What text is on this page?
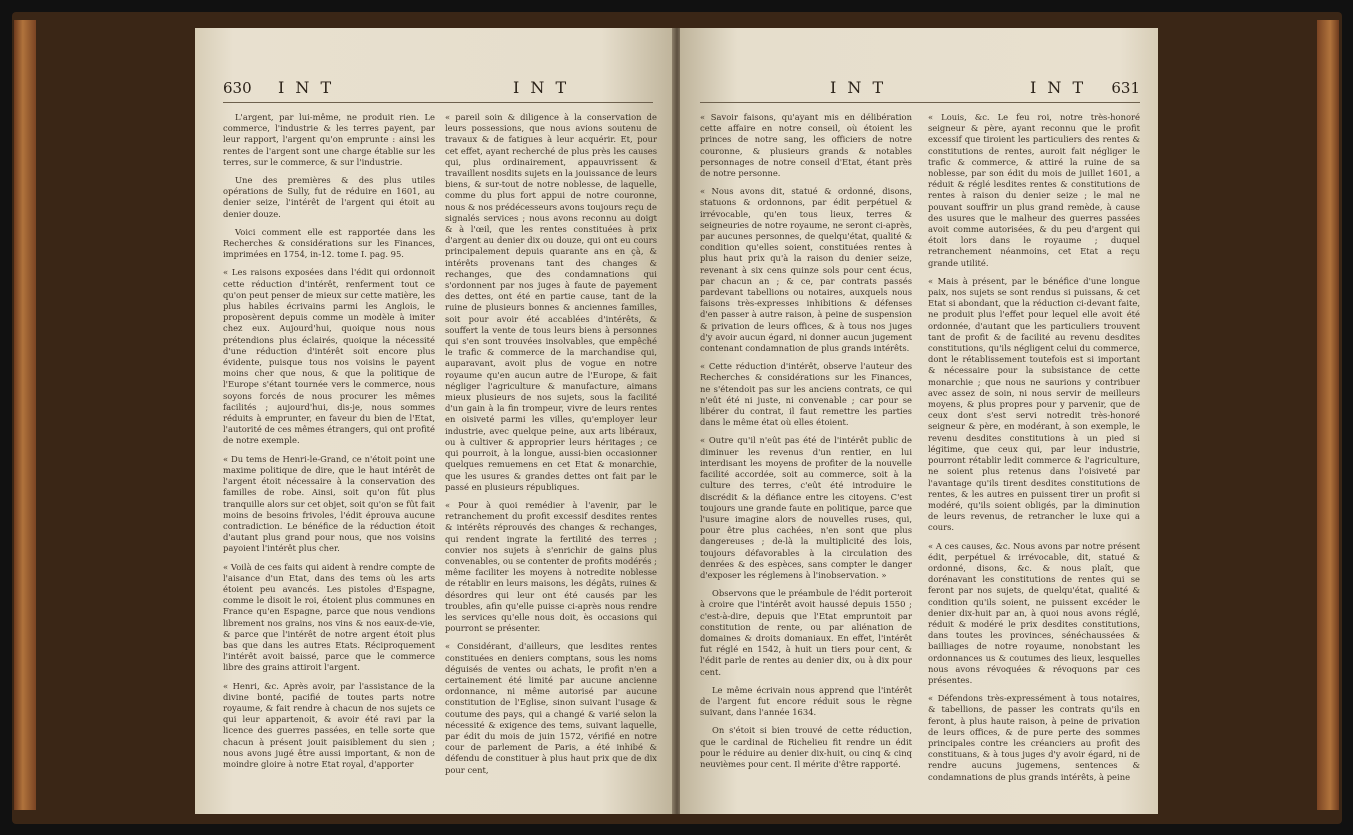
630 I N T	I N T

L'argent, par lui-même, ne produit rien. Le commerce, l'industrie & les terres payent, par leur rapport, l'argent qu'on emprunte : ainsi les rentes de l'argent sont une charge établie sur les terres, sur le commerce, & sur l'industrie.

Une des premières & des plus utiles opérations de Sully, fut de réduire en 1601, au denier seize, l'intérêt de l'argent qui étoit au denier douze.

Voici comment elle est rapportée dans les Recherches & considérations sur les Finances, imprimées en 1754, in-12. tome I. pag. 95.

« Les raisons exposées dans l'édit qui ordonnoit cette réduction d'intérêt, renferment tout ce qu'on peut penser de mieux sur cette matière, les plus habiles écrivains parmi les Anglois, le proposèrent depuis comme un modèle à imiter chez eux. Aujourd'hui, quoique nous nous prétendions plus éclairés, quoique la nécessité d'une réduction d'intérêt soit encore plus évidente, puisque tous nos voisins le payent moins cher que nous, & que la politique de l'Europe s'étant tournée vers le commerce, nous soyons forcés de nous procurer les mêmes facilités ; aujourd'hui, dis-je, nous sommes réduits à emprunter, en faveur du bien de l'Etat, l'autorité de ces mêmes étrangers, qui ont profité de notre exemple.

« Du tems de Henri-le-Grand, ce n'étoit point une maxime politique de dire, que le haut intérêt de l'argent étoit nécessaire à la conservation des familles de robe. Ainsi, soit qu'on fût plus tranquille alors sur cet objet, soit qu'on se fût fait moins de besoins frivoles, l'édit éprouva aucune contradiction. Le bénéfice de la réduction étoit d'autant plus grand pour nous, que nos voisins payoient l'intérêt plus cher.

« Voilà de ces faits qui aident à rendre compte de l'aisance d'un Etat, dans des tems où les arts étoient peu avancés. Les pistoles d'Espagne, comme le disoit le roi, étoient plus communes en France qu'en Espagne, parce que nous vendions librement nos grains, nos vins & nos eaux-de-vie, & parce que l'intérêt de notre argent étoit plus bas que dans les autres Etats. Réciproquement l'intérêt avoit baissé, parce que le commerce libre des grains attiroit l'argent.

« Henri, &c. Après avoir, par l'assistance de la divine bonté, pacifié de toutes parts notre royaume, & fait rendre à chacun de nos sujets ce qui leur appartenoit, & avoir été ravi par la licence des guerres passées, en telle sorte que chacun à présent jouit paisiblement du sien ; nous avons jugé être aussi important, & non de moindre gloire à notre Etat royal, d'apporter

« pareil soin & diligence à la conservation de leurs possessions, que nous avions soutenu de travaux & de fatigues à leur acquérir. Et, pour cet effet, ayant recherché de plus près les causes qui, plus ordinairement, appauvrissent & travaillent nosdits sujets en la jouissance de leurs biens, & sur-tout de notre noblesse, de laquelle, comme du plus fort appui de notre couronne, nous & nos prédécesseurs avons toujours reçu de signalés services ; nous avons reconnu au doigt & à l'œil, que les rentes constituées à prix d'argent au denier dix ou douze, qui ont eu cours principalement depuis quarante ans en çà, & intérêts provenans tant des changes & rechanges, que des condamnations qui s'ordonnent par nos juges à faute de payement des dettes, ont été en partie cause, tant de la ruine de plusieurs bonnes & anciennes familles, soit pour avoir été accablées d'intérêts, & souffert la vente de tous leurs biens à personnes qui s'en sont trouvées insolvables, que empêché le trafic & commerce de la marchandise qui, auparavant, avoit plus de vogue en notre royaume qu'en aucun autre de l'Europe, & fait négliger l'agriculture & manufacture, aimans mieux plusieurs de nos sujets, sous la facilité d'un gain à la fin trompeur, vivre de leurs rentes en oisiveté parmi les villes, qu'employer leur industrie, avec quelque peine, aux arts libéraux, ou à cultiver & approprier leurs héritages ; ce qui pourroit, à la longue, aussi-bien occasionner quelques remuemens en cet Etat & monarchie, que les usures & grandes dettes ont fait par le passé en plusieurs républiques.

« Pour à quoi remédier à l'avenir, par le retranchement du profit excessif desdites rentes & intérêts réprouvés des changes & rechanges, qui rendent ingrate la fertilité des terres ; convier nos sujets à s'enrichir de gains plus convenables, ou se contenter de profits modérés ; même faciliter les moyens à notredite noblesse de rétablir en leurs maisons, les dégâts, ruines & désordres qui leur ont été causés par les troubles, afin qu'elle puisse ci-après nous rendre les services qu'elle nous doit, ès occasions qui pourront se présenter.

« Considérant, d'ailleurs, que lesdites rentes constituées en deniers comptans, sous les noms déguisés de ventes ou achats, le profit n'en a certainement été limité par aucune ancienne ordonnance, ni même autorisé par aucune constitution de l'Eglise, sinon suivant l'usage & coutume des pays, qui a changé & varié selon la nécessité & exigence des tems, suivant laquelle, par édit du mois de juin 1572, vérifié en notre cour de parlement de Paris, a été inhibé & défendu de constituer à plus haut prix que de dix pour cent,

I N T	I N T 631

« Savoir faisons, qu'ayant mis en délibération cette affaire en notre conseil, où étoient les princes de notre sang, les officiers de notre couronne, & plusieurs grands & notables personnages de notre conseil d'Etat, étant près de notre personne.

« Nous avons dit, statué & ordonné, disons, statuons & ordonnons, par édit perpétuel & irrévocable, qu'en tous lieux, terres & seigneuries de notre royaume, ne seront ci-après, par aucunes personnes, de quelqu'état, qualité & condition qu'elles soient, constituées rentes à plus haut prix qu'à la raison du denier seize, revenant à six cens quinze sols pour cent écus, par chacun an ; & ce, par contrats passés pardevant tabellions ou notaires, auxquels nous faisons très-expresses inhibitions & défenses d'en passer à autre raison, à peine de suspension & privation de leurs offices, & à tous nos juges d'y avoir aucun égard, ni donner aucun jugement contenant condamnation de plus grands intérêts.

« Cette réduction d'intérêt, observe l'auteur des Recherches & considérations sur les Finances, ne s'étendoit pas sur les anciens contrats, ce qui n'eût été ni juste, ni convenable ; car pour se libérer du contrat, il faut remettre les parties dans le même état où elles étoient.

« Outre qu'il n'eût pas été de l'intérêt public de diminuer les revenus d'un rentier, en lui interdisant les moyens de profiter de la nouvelle facilité accordée, soit au commerce, soit à la culture des terres, c'eût été introduire le discrédit & la défiance entre les citoyens. C'est toujours une grande faute en politique, parce que l'usure imagine alors de nouvelles ruses, qui, pour être plus cachées, n'en sont que plus dangereuses ; de-là la multiplicité des lois, toujours défavorables à la circulation des denrées & des espèces, sans compter le danger d'exposer les réglemens à l'inobservation. »

Observons que le préambule de l'édit porteroit à croire que l'intérêt avoit haussé depuis 1550 ; c'est-à-dire, depuis que l'Etat empruntoit par constitution de rente, ou par aliénation de domaines & droits domaniaux. En effet, l'intérêt fut réglé en 1542, à huit un tiers pour cent, & l'édit parle de rentes au denier dix, ou à dix pour cent.

Le même écrivain nous apprend que l'intérêt de l'argent fut encore réduit sous le règne suivant, dans l'année 1634.

On s'étoit si bien trouvé de cette réduction, que le cardinal de Richelieu fit rendre un édit pour le réduire au denier dix-huit, ou cinq & cinq neuvièmes pour cent. Il mérite d'être rapporté.

« Louis, &c. Le feu roi, notre très-honoré seigneur & père, ayant reconnu que le profit excessif que tiroient les particuliers des rentes & constitutions de rentes, auroit fait négliger le trafic & commerce, & attiré la ruine de sa noblesse, par son édit du mois de juillet 1601, a réduit & réglé lesdites rentes & constitutions de rentes à raison du denier seize ; le mal ne pouvant souffrir un plus grand remède, à cause des usures que le malheur des guerres passées avoit comme autorisées, & du peu d'argent qui étoit lors dans le royaume ; duquel retranchement néanmoins, cet Etat a reçu grande utilité.

« Mais à présent, par le bénéfice d'une longue paix, nos sujets se sont rendus si puissans, & cet Etat si abondant, que la réduction ci-devant faite, ne produit plus l'effet pour lequel elle avoit été ordonnée, d'autant que les particuliers trouvent tant de profit & de facilité au revenu desdites constitutions, qu'ils négligent celui du commerce, dont le rétablissement toutefois est si important & nécessaire pour la subsistance de cette monarchie ; que nous ne saurions y contribuer avec assez de soin, ni nous servir de meilleurs moyens, & plus propres pour y parvenir, que de ceux dont s'est servi notredit très-honoré seigneur & père, en modérant, à son exemple, le revenu desdites constitutions à un pied si légitime, que ceux qui, par leur industrie, pourront rétablir ledit commerce & l'agriculture, ne soient plus retenus dans l'oisiveté par l'avantage qu'ils tirent desdites constitutions de rentes, & les autres en puissent tirer un profit si modéré, qu'ils soient obligés, par la diminution de leurs revenus, de retrancher le luxe qui a cours.

« A ces causes, &c. Nous avons par notre présent édit, perpétuel & irrévocable, dit, statué & ordonné, disons, &c. & nous plaît, que dorénavant les constitutions de rentes qui se feront par nos sujets, de quelqu'état, qualité & condition qu'ils soient, ne puissent excéder le denier dix-huit par an, à quoi nous avons réglé, réduit & modéré le prix desdites constitutions, dans toutes les provinces, sénéchaussées & bailliages de notre royaume, nonobstant les ordonnances us & coutumes des lieux, lesquelles nous avons révoquées & révoquons par ces présentes.

« Défendons très-expressément à tous notaires, & tabellions, de passer les contrats qu'ils en feront, à plus haute raison, à peine de privation de leurs offices, & de pure perte des sommes principales contre les créanciers au profit des constituans, & à tous juges d'y avoir égard, ni de rendre aucuns jugemens, sentences & condamnations de plus grands intérêts, à peine
